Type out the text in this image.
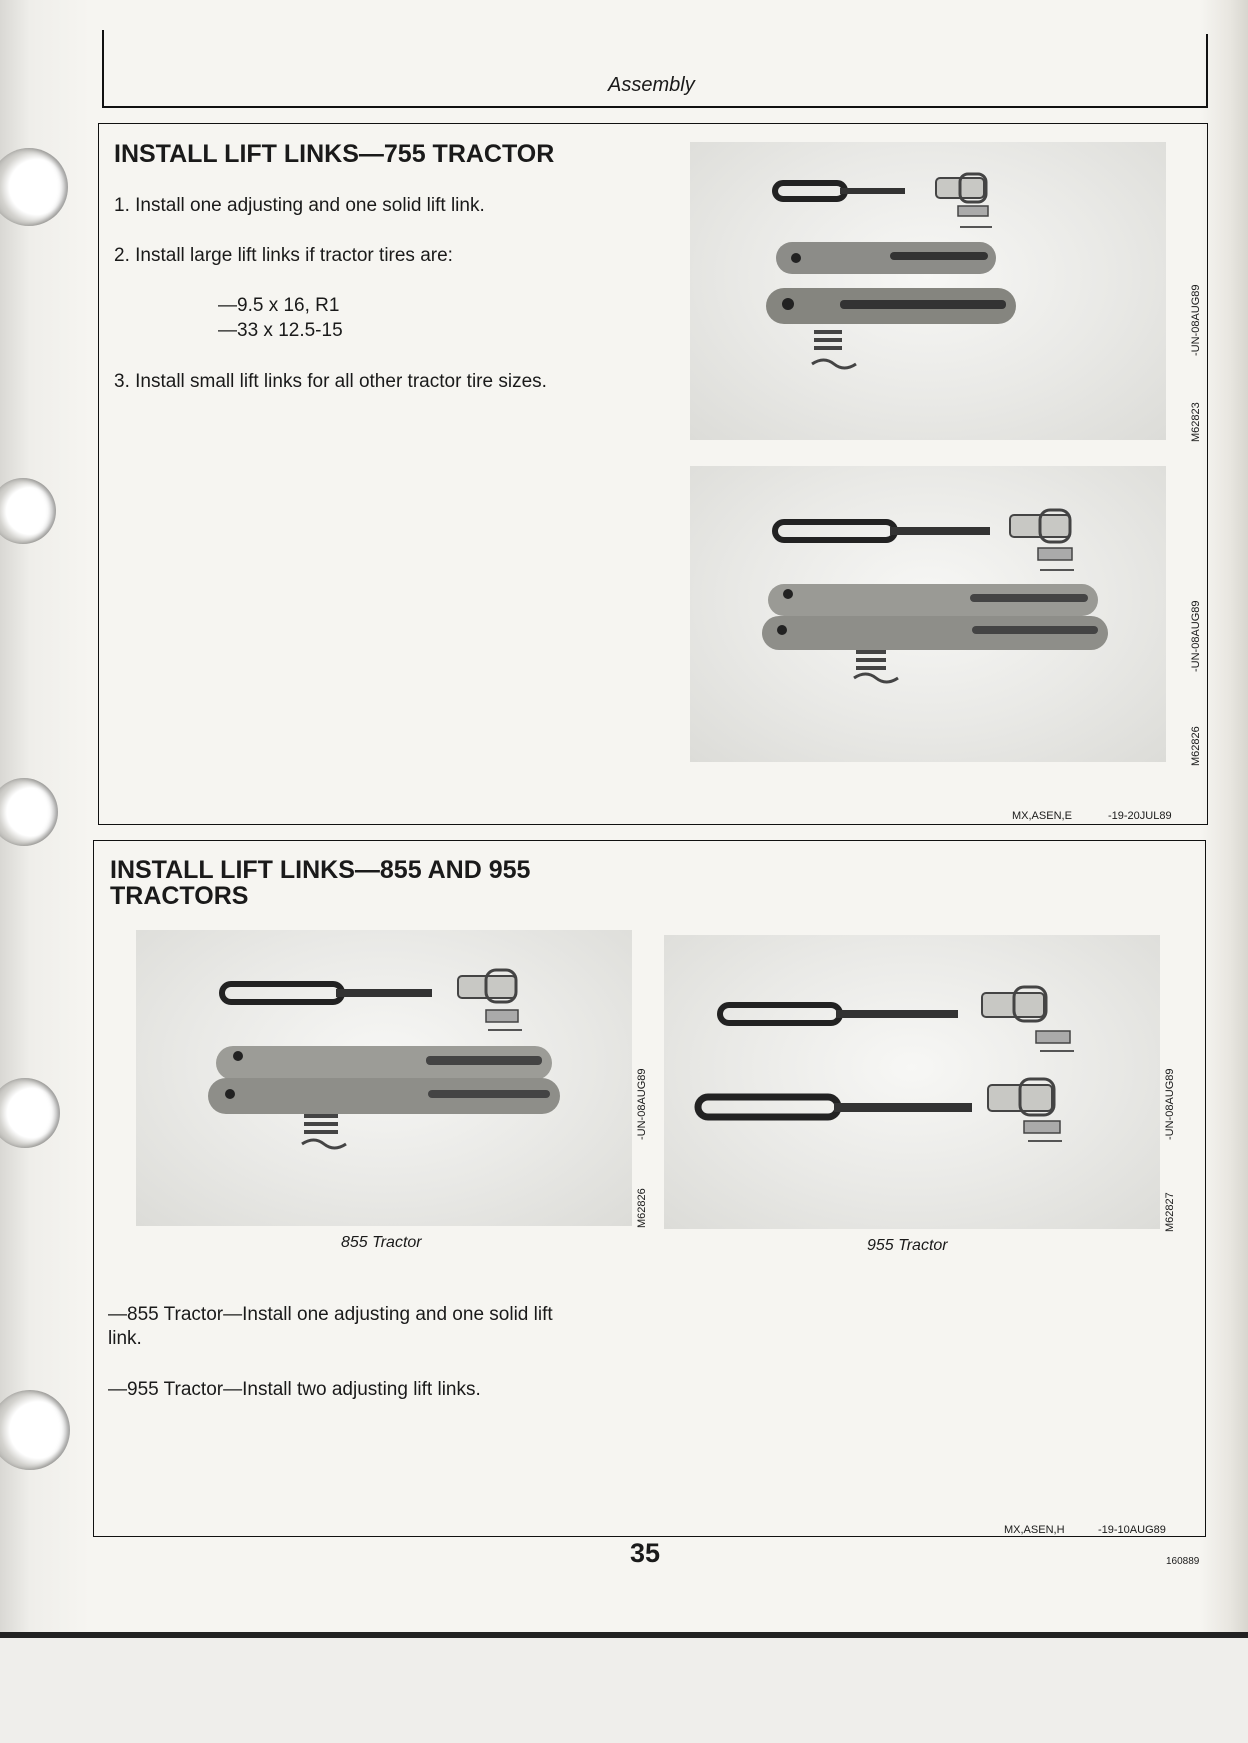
Assembly
INSTALL LIFT LINKS—755 TRACTOR

1. Install one adjusting and one solid lift link.

2. Install large lift links if tractor tires are:

—9.5 x 16, R1

—33 x 12.5-15

3. Install small lift links for all other tractor tire sizes.

-UN-08AUG89
M62823
-UN-08AUG89
M62826
MX,ASEN,E	-19-20JUL89
INSTALL LIFT LINKS—855 AND 955
TRACTORS
-UN-08AUG89
M62826
855 Tractor
-UN-08AUG89
M62827
955 Tractor

—855 Tractor—Install one adjusting and one solid lift

link.

—955 Tractor—Install two adjusting lift links.

MX,ASEN,H	-19-10AUG89
35	160889
